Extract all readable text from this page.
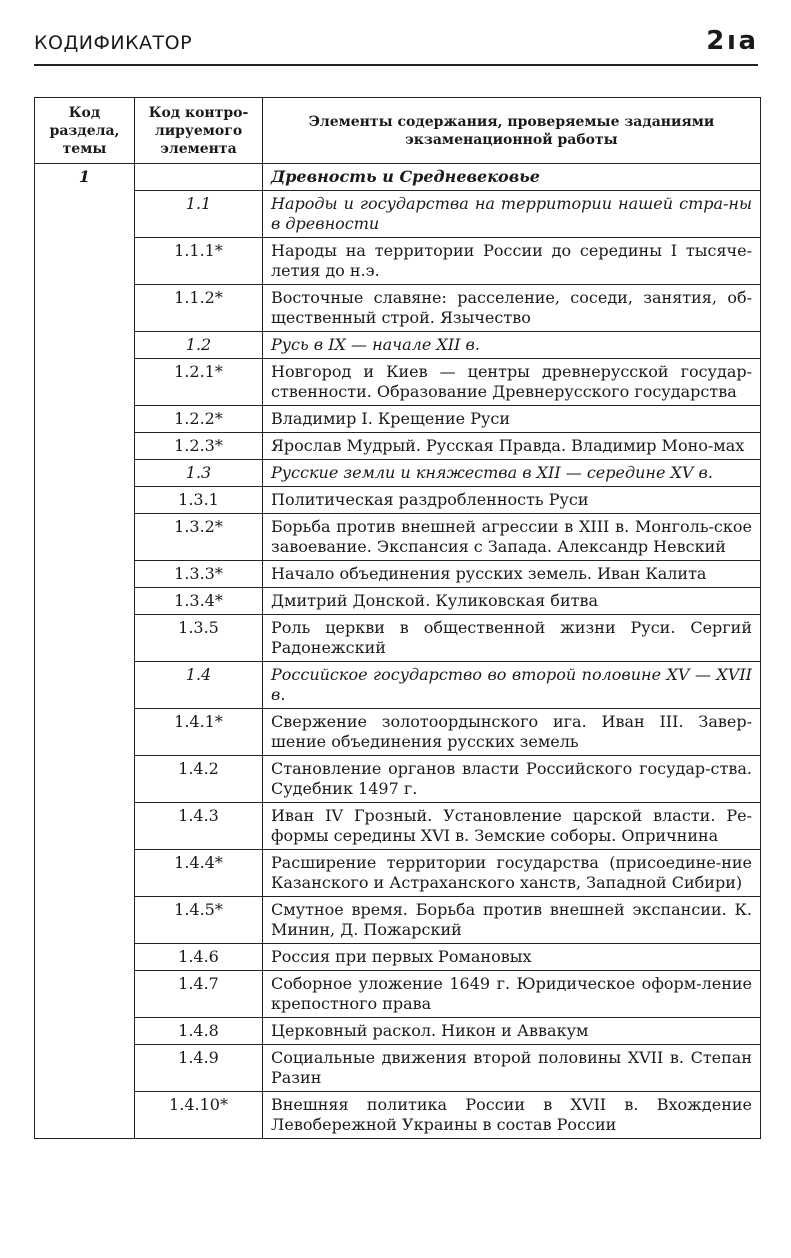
КОДИФИКАТОР	2 ı а
Код раздела, темы	Код контро-лируемого элемента	Элементы содержания, проверяемые заданиями экзаменационной работы
1		Древность и Средневековье
	1.1	Народы и государства на территории нашей стра-ны в древности
	1.1.1*	Народы на территории России до середины I тысяче-летия до н.э.
	1.1.2*	Восточные славяне: расселение, соседи, занятия, об-щественный строй. Язычество
	1.2	Русь в IX — начале XII в.
	1.2.1*	Новгород и Киев — центры древнерусской государ-ственности. Образование Древнерусского государства
	1.2.2*	Владимир I. Крещение Руси
	1.2.3*	Ярослав Мудрый. Русская Правда. Владимир Моно-мах
	1.3	Русские земли и княжества в XII — середине XV в.
	1.3.1	Политическая раздробленность Руси
	1.3.2*	Борьба против внешней агрессии в XIII в. Монголь-ское завоевание. Экспансия с Запада. Александр Невский
	1.3.3*	Начало объединения русских земель. Иван Калита
	1.3.4*	Дмитрий Донской. Куликовская битва
	1.3.5	Роль церкви в общественной жизни Руси. Сергий Радонежский
	1.4	Российское государство во второй половине XV — XVII в.
	1.4.1*	Свержение золотоордынского ига. Иван III. Завер-шение объединения русских земель
	1.4.2	Становление органов власти Российского государ-ства. Судебник 1497 г.
	1.4.3	Иван IV Грозный. Установление царской власти. Ре-формы середины XVI в. Земские соборы. Опричнина
	1.4.4*	Расширение территории государства (присоедине-ние Казанского и Астраханского ханств, Западной Сибири)
	1.4.5*	Смутное время. Борьба против внешней экспансии. К. Минин, Д. Пожарский
	1.4.6	Россия при первых Романовых
	1.4.7	Соборное уложение 1649 г. Юридическое оформ-ление крепостного права
	1.4.8	Церковный раскол. Никон и Аввакум
	1.4.9	Социальные движения второй половины XVII в. Степан Разин
	1.4.10*	Внешняя политика России в XVII в. Вхождение Левобережной Украины в состав России
